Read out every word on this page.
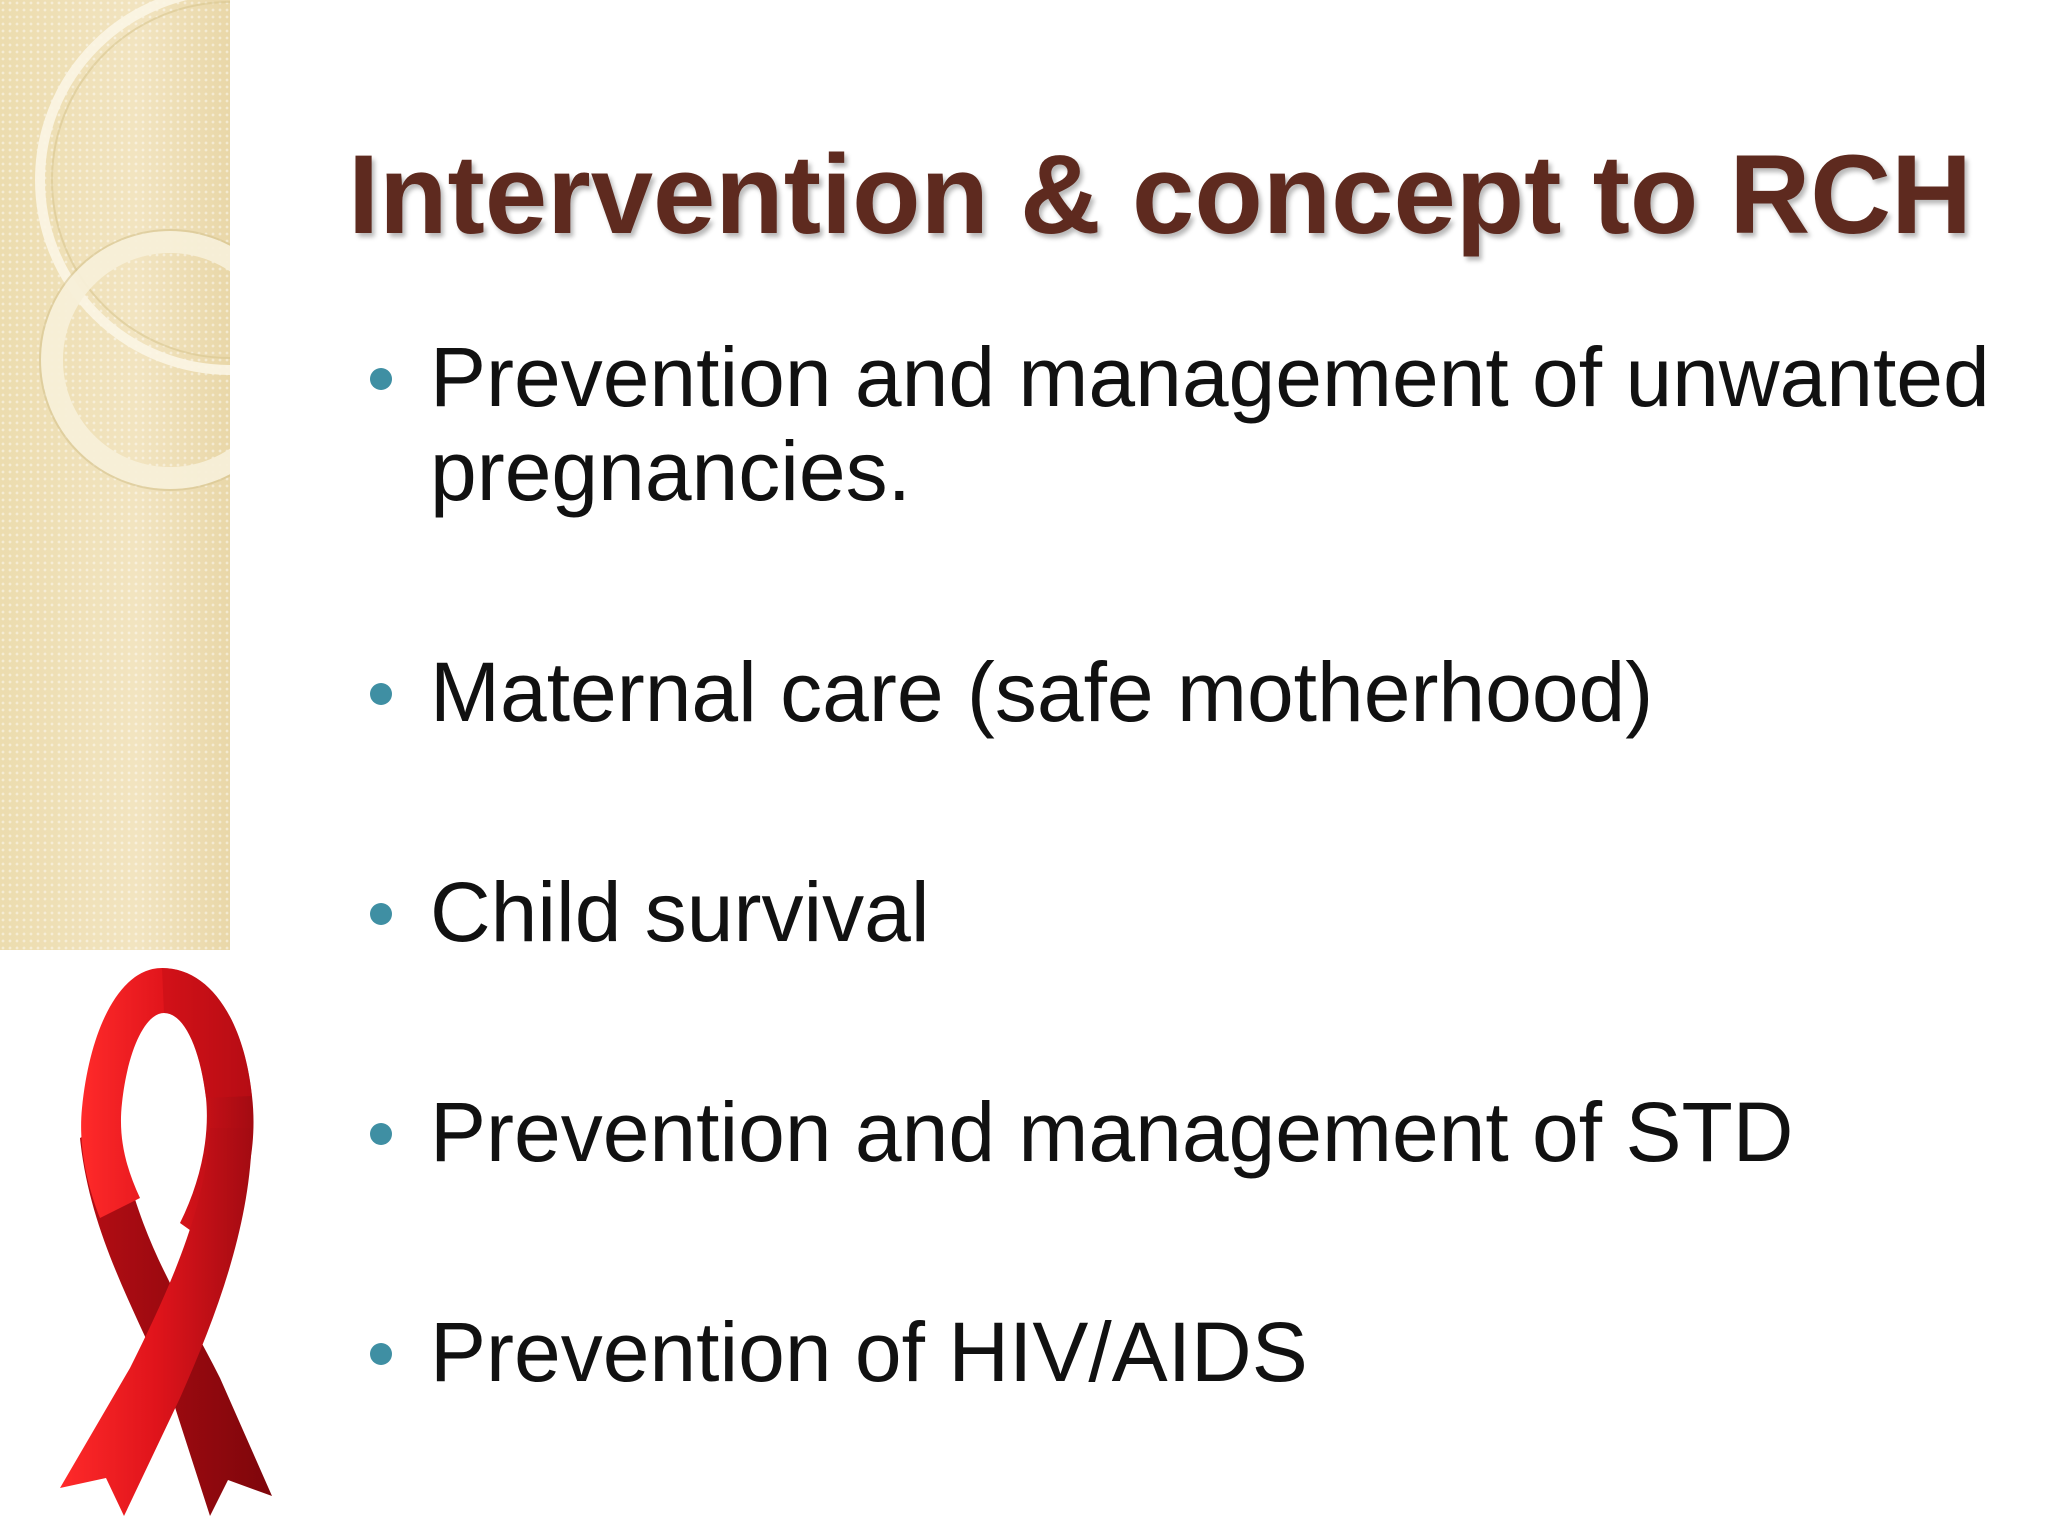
Intervention & concept to RCH
Prevention and management of unwanted pregnancies.
Maternal care (safe motherhood)
Child survival
Prevention and management of STD
Prevention of HIV/AIDS
